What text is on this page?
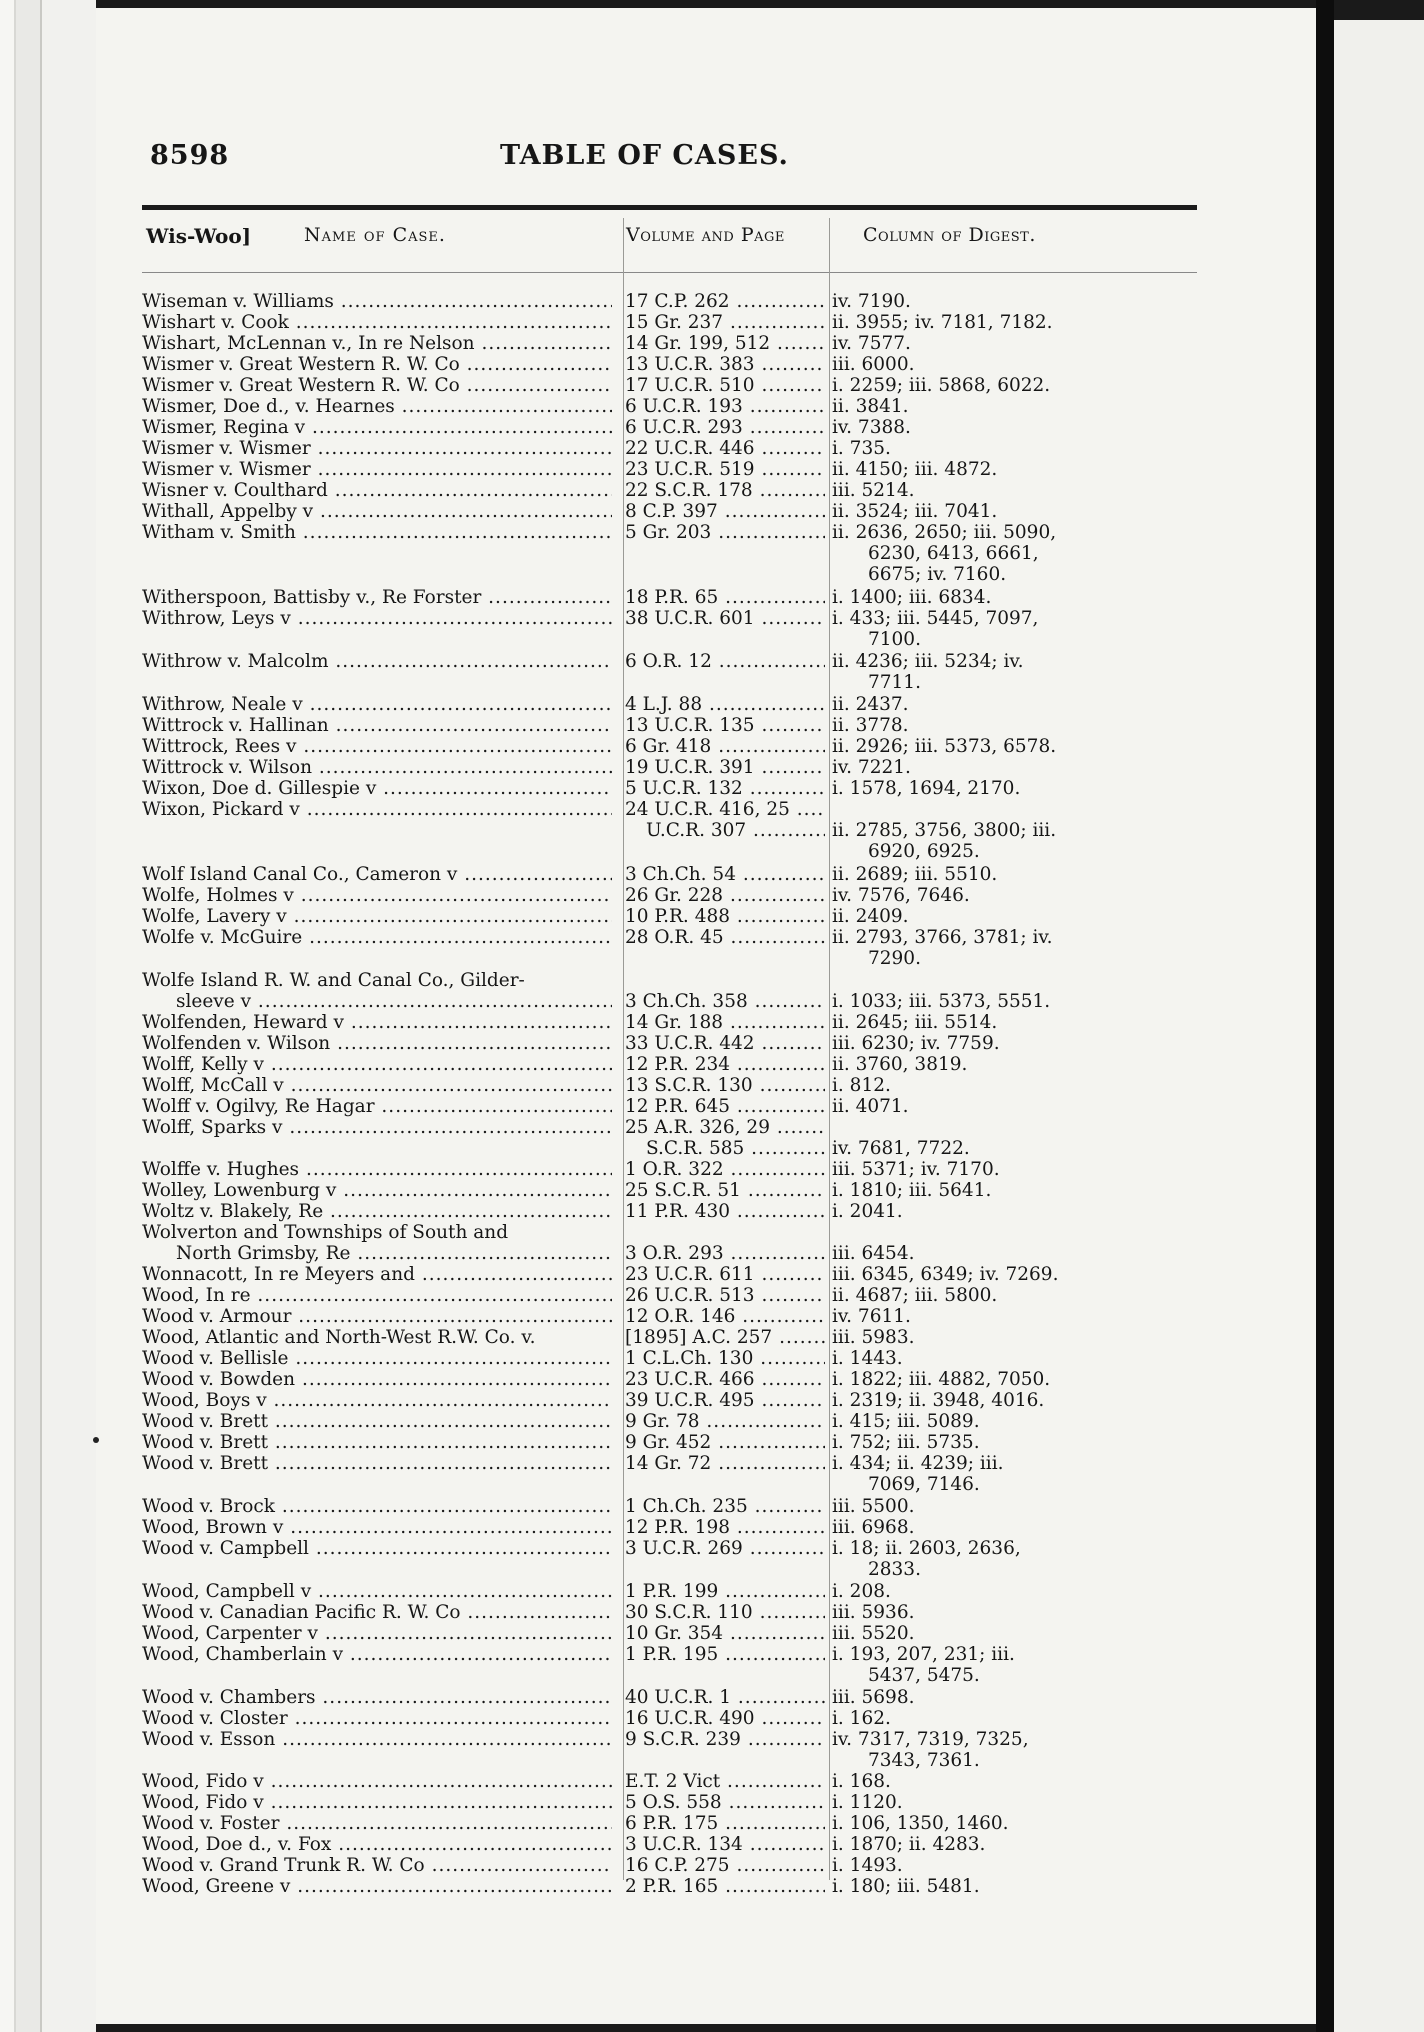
8598	TABLE OF CASES.
Wis-Woo]	Name of Case.	Volume and Page	Column of Digest.
Wiseman v. Williams .....	17 C.P. 262 .....	iv. 7190.
Wishart v. Cook .....	15 Gr. 237 .....	ii. 3955; iv. 7181, 7182.
Wishart, McLennan v., In re Nelson .....	14 Gr. 199, 512 .....	iv. 7577.
Wismer v. Great Western R. W. Co .....	13 U.C.R. 383 .....	iii. 6000.
Wismer v. Great Western R. W. Co .....	17 U.C.R. 510 .....	i. 2259; iii. 5868, 6022.
Wismer, Doe d., v. Hearnes .....	6 U.C.R. 193 .....	ii. 3841.
Wismer, Regina v .....	6 U.C.R. 293 .....	iv. 7388.
Wismer v. Wismer .....	22 U.C.R. 446 .....	i. 735.
Wismer v. Wismer .....	23 U.C.R. 519 .....	ii. 4150; iii. 4872.
Wisner v. Coulthard .....	22 S.C.R. 178 .....	iii. 5214.
Withall, Appelby v .....	8 C.P. 397 .....	ii. 3524; iii. 7041.
Witham v. Smith .....	5 Gr. 203 .....	ii. 2636, 2650; iii. 5090,
6230, 6413, 6661,
6675; iv. 7160.
Witherspoon, Battisby v., Re Forster .....	18 P.R. 65 .....	i. 1400; iii. 6834.
Withrow, Leys v .....	38 U.C.R. 601 .....	i. 433; iii. 5445, 7097,
7100.
Withrow v. Malcolm .....	6 O.R. 12 .....	ii. 4236; iii. 5234; iv.
7711.
Withrow, Neale v .....	4 L.J. 88 .....	ii. 2437.
Wittrock v. Hallinan .....	13 U.C.R. 135 .....	ii. 3778.
Wittrock, Rees v .....	6 Gr. 418 .....	ii. 2926; iii. 5373, 6578.
Wittrock v. Wilson .....	19 U.C.R. 391 .....	iv. 7221.
Wixon, Doe d. Gillespie v .....	5 U.C.R. 132 .....	i. 1578, 1694, 2170.
Wixon, Pickard v .....	24 U.C.R. 416, 25 .....
U.C.R. 307 .....	ii. 2785, 3756, 3800; iii.
6920, 6925.
Wolf Island Canal Co., Cameron v .....	3 Ch.Ch. 54 .....	ii. 2689; iii. 5510.
Wolfe, Holmes v .....	26 Gr. 228 .....	iv. 7576, 7646.
Wolfe, Lavery v .....	10 P.R. 488 .....	ii. 2409.
Wolfe v. McGuire .....	28 O.R. 45 .....	ii. 2793, 3766, 3781; iv.
7290.
Wolfe Island R. W. and Canal Co., Gilder-
sleeve v .....	3 Ch.Ch. 358 .....	i. 1033; iii. 5373, 5551.
Wolfenden, Heward v .....	14 Gr. 188 .....	ii. 2645; iii. 5514.
Wolfenden v. Wilson .....	33 U.C.R. 442 .....	iii. 6230; iv. 7759.
Wolff, Kelly v .....	12 P.R. 234 .....	ii. 3760, 3819.
Wolff, McCall v .....	13 S.C.R. 130 .....	i. 812.
Wolff v. Ogilvy, Re Hagar .....	12 P.R. 645 .....	ii. 4071.
Wolff, Sparks v .....	25 A.R. 326, 29 .....
S.C.R. 585 .....	iv. 7681, 7722.
Wolffe v. Hughes .....	1 O.R. 322 .....	iii. 5371; iv. 7170.
Wolley, Lowenburg v .....	25 S.C.R. 51 .....	i. 1810; iii. 5641.
Woltz v. Blakely, Re .....	11 P.R. 430 .....	i. 2041.
Wolverton and Townships of South and
North Grimsby, Re .....	3 O.R. 293 .....	iii. 6454.
Wonnacott, In re Meyers and .....	23 U.C.R. 611 .....	iii. 6345, 6349; iv. 7269.
Wood, In re .....	26 U.C.R. 513 .....	ii. 4687; iii. 5800.
Wood v. Armour .....	12 O.R. 146 .....	iv. 7611.
Wood, Atlantic and North-West R.W. Co. v.	[1895] A.C. 257 .....	iii. 5983.
Wood v. Bellisle .....	1 C.L.Ch. 130 .....	i. 1443.
Wood v. Bowden .....	23 U.C.R. 466 .....	i. 1822; iii. 4882, 7050.
Wood, Boys v .....	39 U.C.R. 495 .....	i. 2319; ii. 3948, 4016.
Wood v. Brett .....	9 Gr. 78 .....	i. 415; iii. 5089.
Wood v. Brett .....	9 Gr. 452 .....	i. 752; iii. 5735.
Wood v. Brett .....	14 Gr. 72 .....	i. 434; ii. 4239; iii.
7069, 7146.
Wood v. Brock .....	1 Ch.Ch. 235 .....	iii. 5500.
Wood, Brown v .....	12 P.R. 198 .....	iii. 6968.
Wood v. Campbell .....	3 U.C.R. 269 .....	i. 18; ii. 2603, 2636,
2833.
Wood, Campbell v .....	1 P.R. 199 .....	i. 208.
Wood v. Canadian Pacific R. W. Co .....	30 S.C.R. 110 .....	iii. 5936.
Wood, Carpenter v .....	10 Gr. 354 .....	iii. 5520.
Wood, Chamberlain v .....	1 P.R. 195 .....	i. 193, 207, 231; iii.
5437, 5475.
Wood v. Chambers .....	40 U.C.R. 1 .....	iii. 5698.
Wood v. Closter .....	16 U.C.R. 490 .....	i. 162.
Wood v. Esson .....	9 S.C.R. 239 .....	iv. 7317, 7319, 7325,
7343, 7361.
Wood, Fido v .....	E.T. 2 Vict .....	i. 168.
Wood, Fido v .....	5 O.S. 558 .....	i. 1120.
Wood v. Foster .....	6 P.R. 175 .....	i. 106, 1350, 1460.
Wood, Doe d., v. Fox .....	3 U.C.R. 134 .....	i. 1870; ii. 4283.
Wood v. Grand Trunk R. W. Co .....	16 C.P. 275 .....	i. 1493.
Wood, Greene v .....	2 P.R. 165 .....	i. 180; iii. 5481.
